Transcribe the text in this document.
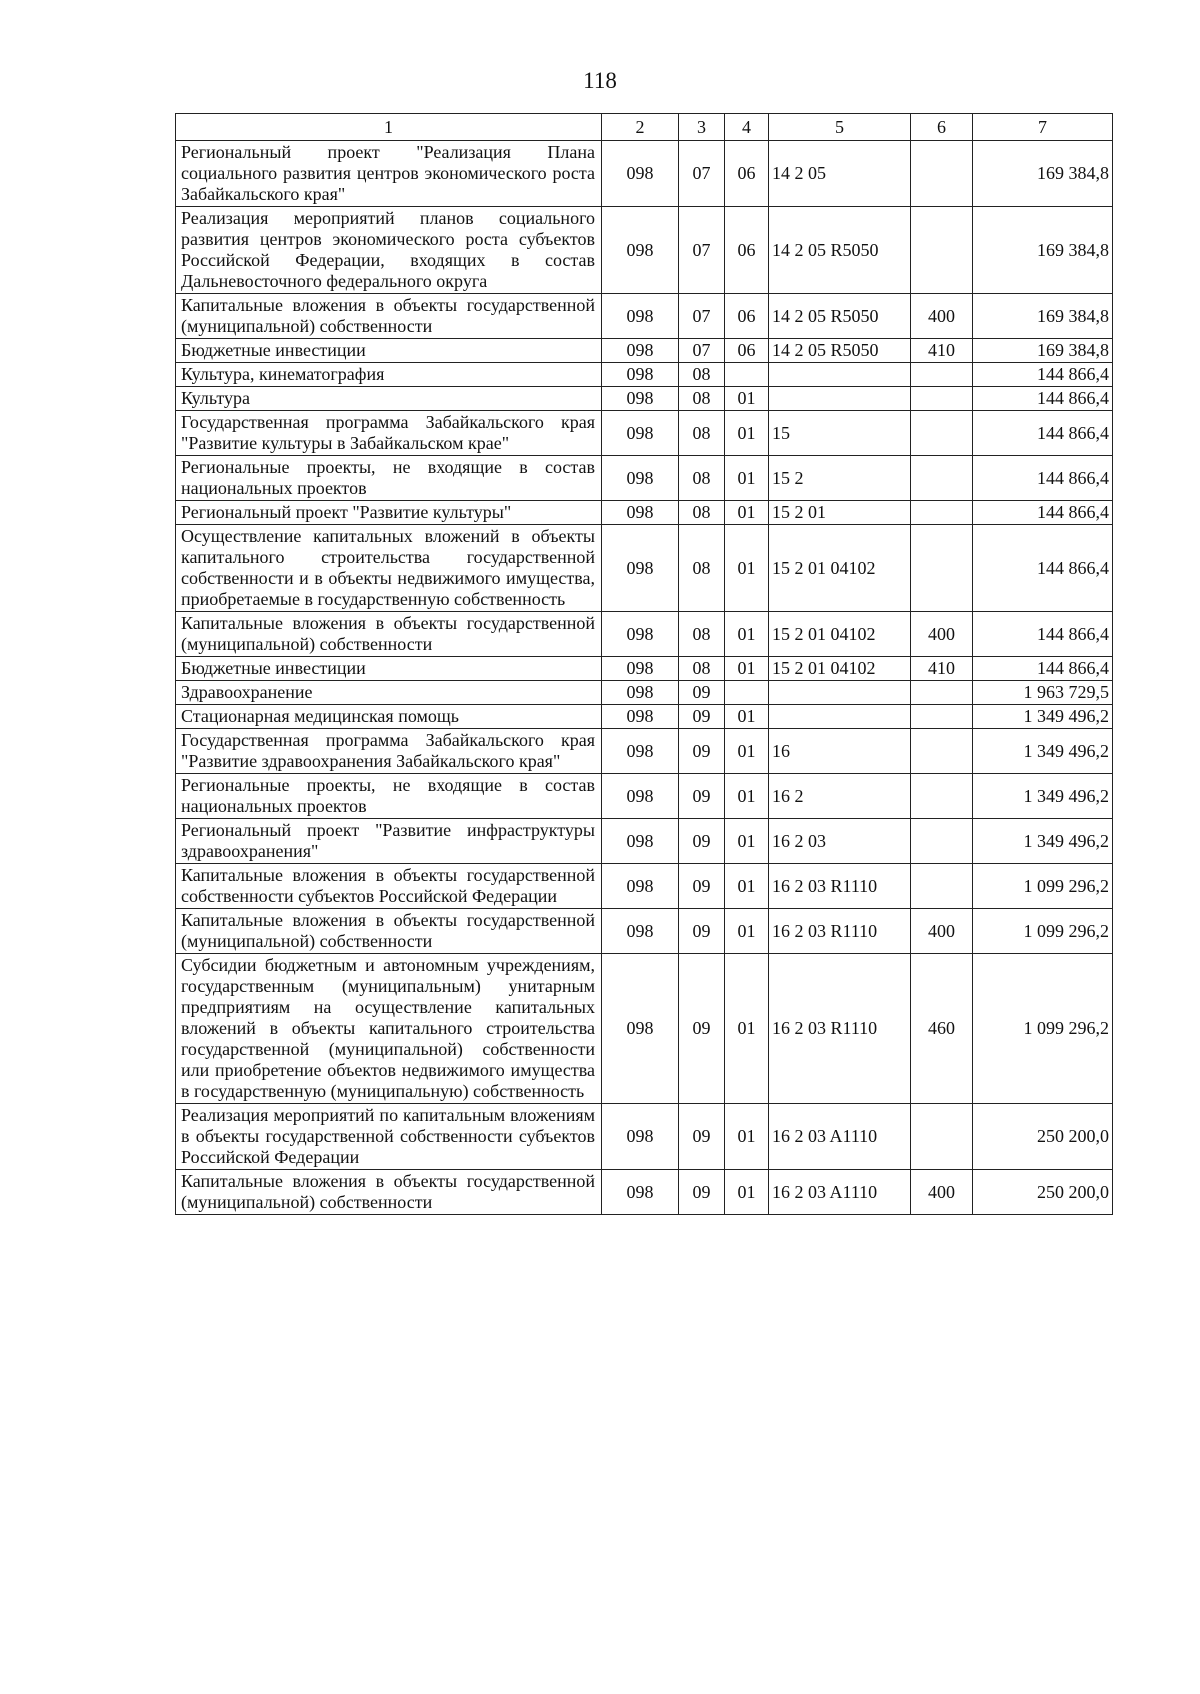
118
1	2	3	4	5	6	7
Региональный проект "Реализация Плана социального развития центров экономического роста Забайкальского края"	098	07	06	14 2 05		169 384,8
Реализация мероприятий планов социального развития центров экономического роста субъектов Российской Федерации, входящих в состав Дальневосточного федерального округа	098	07	06	14 2 05 R5050		169 384,8
Капитальные вложения в объекты государственной (муниципальной) собственности	098	07	06	14 2 05 R5050	400	169 384,8
Бюджетные инвестиции	098	07	06	14 2 05 R5050	410	169 384,8
Культура, кинематография	098	08				144 866,4
Культура	098	08	01			144 866,4
Государственная программа Забайкальского края "Развитие культуры в Забайкальском крае"	098	08	01	15		144 866,4
Региональные проекты, не входящие в состав национальных проектов	098	08	01	15 2		144 866,4
Региональный проект "Развитие культуры"	098	08	01	15 2 01		144 866,4
Осуществление капитальных вложений в объекты капитального строительства государственной собственности и в объекты недвижимого имущества, приобретаемые в государственную собственность	098	08	01	15 2 01 04102		144 866,4
Капитальные вложения в объекты государственной (муниципальной) собственности	098	08	01	15 2 01 04102	400	144 866,4
Бюджетные инвестиции	098	08	01	15 2 01 04102	410	144 866,4
Здравоохранение	098	09				1 963 729,5
Стационарная медицинская помощь	098	09	01			1 349 496,2
Государственная программа Забайкальского края "Развитие здравоохранения Забайкальского края"	098	09	01	16		1 349 496,2
Региональные проекты, не входящие в состав национальных проектов	098	09	01	16 2		1 349 496,2
Региональный проект "Развитие инфраструктуры здравоохранения"	098	09	01	16 2 03		1 349 496,2
Капитальные вложения в объекты государственной собственности субъектов Российской Федерации	098	09	01	16 2 03 R1110		1 099 296,2
Капитальные вложения в объекты государственной (муниципальной) собственности	098	09	01	16 2 03 R1110	400	1 099 296,2
Субсидии бюджетным и автономным учреждениям, государственным (муниципальным) унитарным предприятиям на осуществление капитальных вложений в объекты капитального строительства государственной (муниципальной) собственности или приобретение объектов недвижимого имущества в государственную (муниципальную) собственность	098	09	01	16 2 03 R1110	460	1 099 296,2
Реализация мероприятий по капитальным вложениям в объекты государственной собственности субъектов Российской Федерации	098	09	01	16 2 03 A1110		250 200,0
Капитальные вложения в объекты государственной (муниципальной) собственности	098	09	01	16 2 03 A1110	400	250 200,0
